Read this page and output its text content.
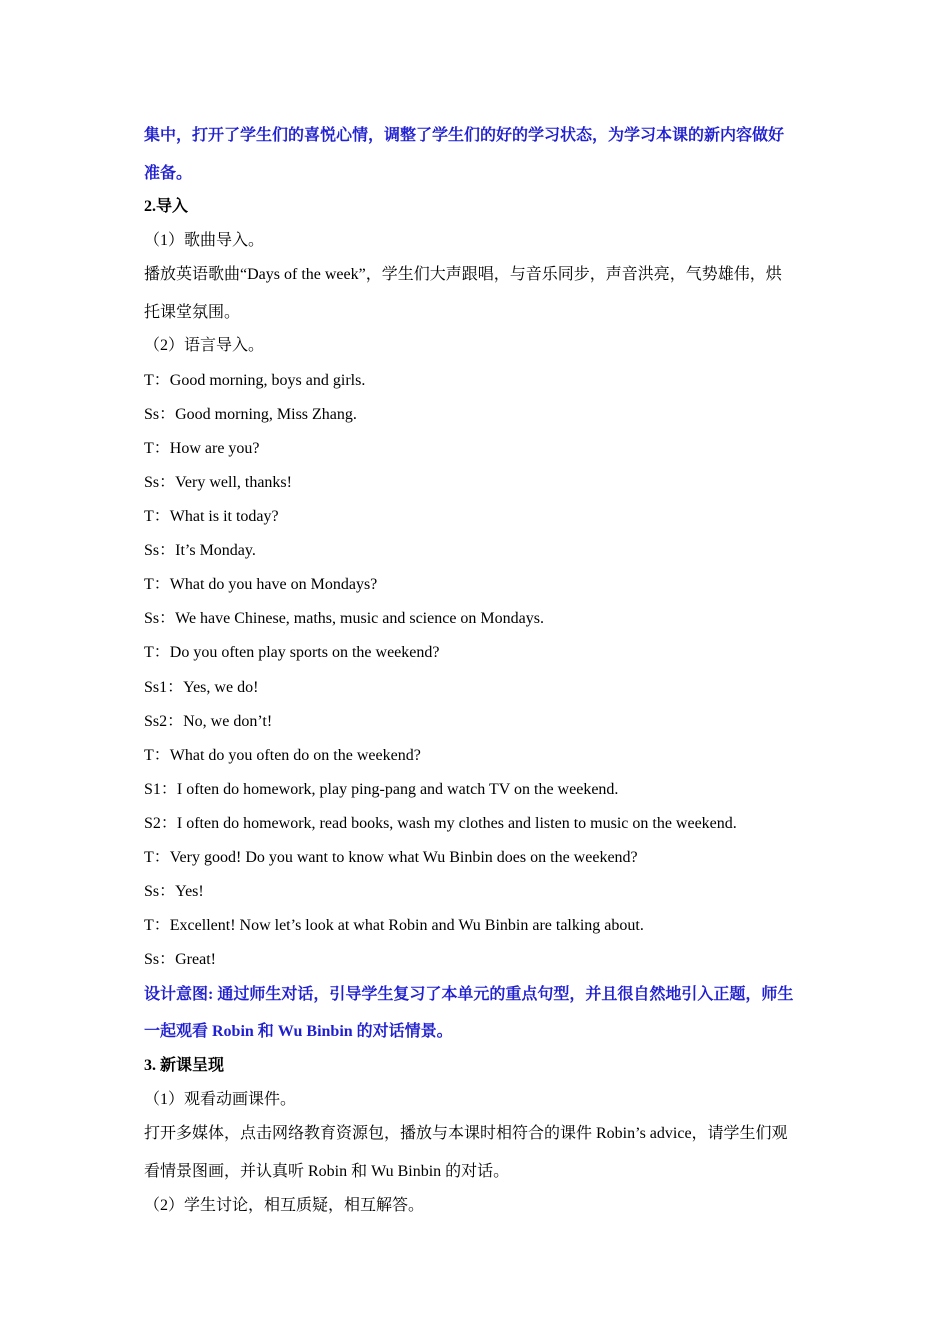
集中，打开了学生们的喜悦心情，调整了学生们的好的学习状态，为学习本课的新内容做好
准备。
2.导入
（1）歌曲导入。
播放英语歌曲“Days of the week”，学生们大声跟唱，与音乐同步，声音洪亮，气势雄伟，烘
托课堂氛围。
（2）语言导入。
T：Good morning, boys and girls.
Ss：Good morning, Miss Zhang.
T：How are you?
Ss：Very well, thanks!
T：What is it today?
Ss：It’s Monday.
T：What do you have on Mondays?
Ss：We have Chinese, maths, music and science on Mondays.
T：Do you often play sports on the weekend?
Ss1：Yes, we do!
Ss2：No, we don’t!
T：What do you often do on the weekend?
S1：I often do homework, play ping-pang and watch TV on the weekend.
S2：I often do homework, read books, wash my clothes and listen to music on the weekend.
T：Very good! Do you want to know what Wu Binbin does on the weekend?
Ss：Yes!
T：Excellent! Now let’s look at what Robin and Wu Binbin are talking about.
Ss：Great!
设计意图: 通过师生对话，引导学生复习了本单元的重点句型，并且很自然地引入正题，师生
一起观看 Robin 和 Wu Binbin 的对话情景。
3. 新课呈现
（1）观看动画课件。
打开多媒体，点击网络教育资源包，播放与本课时相符合的课件 Robin’s advice，请学生们观
看情景图画，并认真听 Robin 和 Wu Binbin 的对话。
（2）学生讨论，相互质疑，相互解答。
